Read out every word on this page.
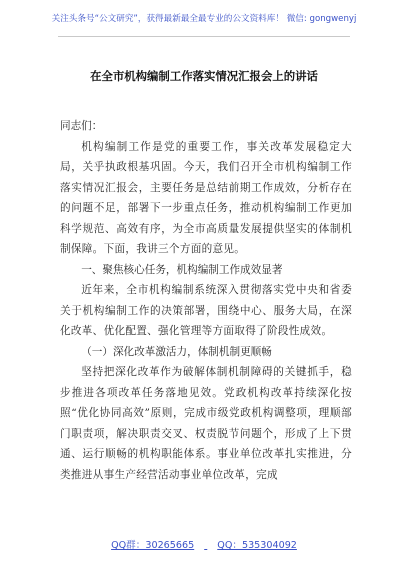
关注头条号“公文研究”，获得最新最全最专业的公文资料库！ 微信: gongwenyj
在全市机构编制工作落实情况汇报会上的讲话

同志们：

机构编制工作是党的重要工作，事关改革发展稳定大局，关乎执政根基巩固。今天，我们召开全市机构编制工作落实情况汇报会，主要任务是总结前期工作成效，分析存在的问题不足，部署下一步重点任务，推动机构编制工作更加科学规范、高效有序，为全市高质量发展提供坚实的体制机制保障。下面，我讲三个方面的意见。

一、聚焦核心任务，机构编制工作成效显著

近年来，全市机构编制系统深入贯彻落实党中央和省委关于机构编制工作的决策部署，围绕中心、服务大局，在深化改革、优化配置、强化管理等方面取得了阶段性成效。

（一）深化改革激活力，体制机制更顺畅

坚持把深化改革作为破解体制机制障碍的关键抓手，稳步推进各项改革任务落地见效。党政机构改革持续深化按照“优化协同高效”原则，完成市级党政机构调整项，理顺部门职责项，解决职责交叉、权责脱节问题个，形成了上下贯通、运行顺畅的机构职能体系。事业单位改革扎实推进，分类推进从事生产经营活动事业单位改革，完成

QQ群：30265665 QQ：535304092
